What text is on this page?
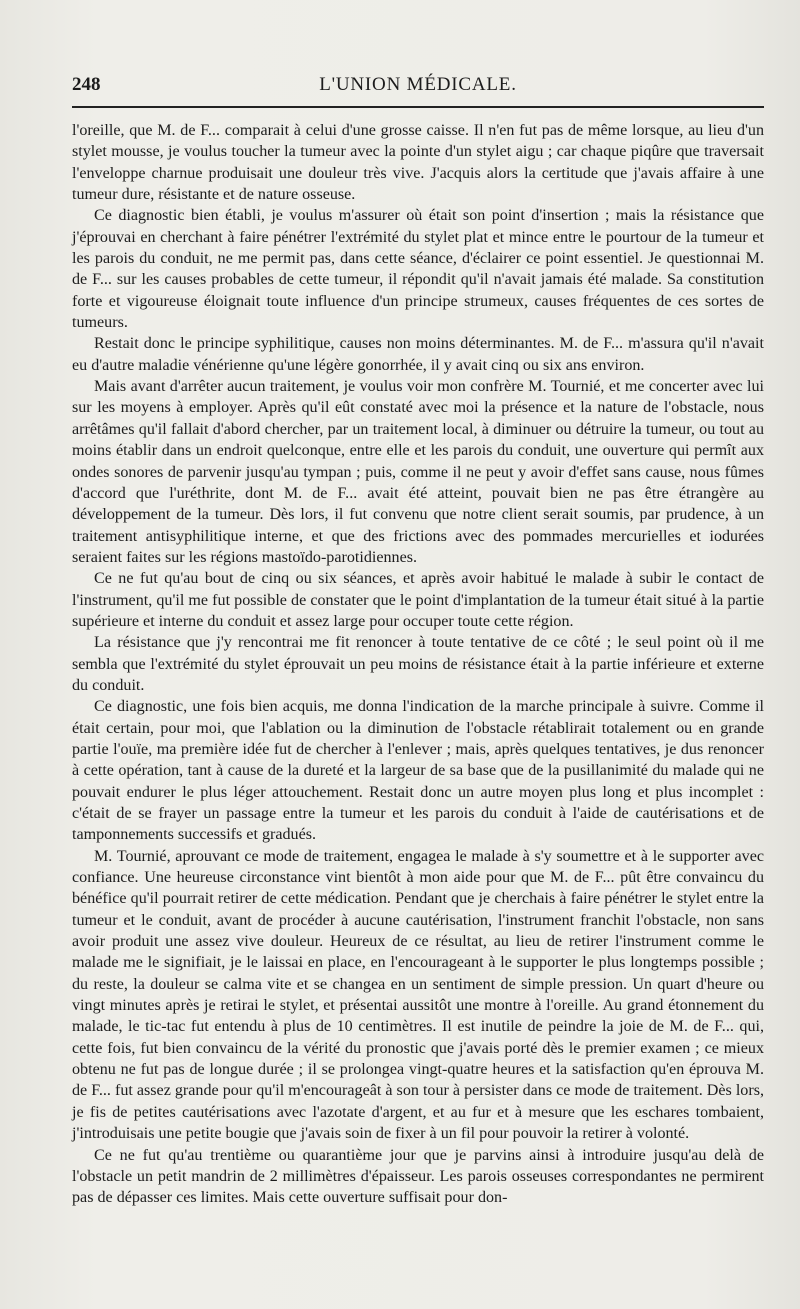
248	L'UNION MÉDICALE.

l'oreille, que M. de F... comparait à celui d'une grosse caisse. Il n'en fut pas de même lorsque, au lieu d'un stylet mousse, je voulus toucher la tumeur avec la pointe d'un stylet aigu ; car chaque piqûre que traversait l'enveloppe charnue produisait une douleur très vive. J'acquis alors la certitude que j'avais affaire à une tumeur dure, résistante et de nature osseuse.

Ce diagnostic bien établi, je voulus m'assurer où était son point d'insertion ; mais la résistance que j'éprouvai en cherchant à faire pénétrer l'extrémité du stylet plat et mince entre le pourtour de la tumeur et les parois du conduit, ne me permit pas, dans cette séance, d'éclairer ce point essentiel. Je questionnai M. de F... sur les causes probables de cette tumeur, il répondit qu'il n'avait jamais été malade. Sa constitution forte et vigoureuse éloignait toute influence d'un principe strumeux, causes fréquentes de ces sortes de tumeurs.

Restait donc le principe syphilitique, causes non moins déterminantes. M. de F... m'assura qu'il n'avait eu d'autre maladie vénérienne qu'une légère gonorrhée, il y avait cinq ou six ans environ.

Mais avant d'arrêter aucun traitement, je voulus voir mon confrère M. Tournié, et me concerter avec lui sur les moyens à employer. Après qu'il eût constaté avec moi la présence et la nature de l'obstacle, nous arrêtâmes qu'il fallait d'abord chercher, par un traitement local, à diminuer ou détruire la tumeur, ou tout au moins établir dans un endroit quelconque, entre elle et les parois du conduit, une ouverture qui permît aux ondes sonores de parvenir jusqu'au tympan ; puis, comme il ne peut y avoir d'effet sans cause, nous fûmes d'accord que l'uréthrite, dont M. de F... avait été atteint, pouvait bien ne pas être étrangère au développement de la tumeur. Dès lors, il fut convenu que notre client serait soumis, par prudence, à un traitement antisyphilitique interne, et que des frictions avec des pommades mercurielles et iodurées seraient faites sur les régions mastoïdo-parotidiennes.

Ce ne fut qu'au bout de cinq ou six séances, et après avoir habitué le malade à subir le contact de l'instrument, qu'il me fut possible de constater que le point d'implantation de la tumeur était situé à la partie supérieure et interne du conduit et assez large pour occuper toute cette région.

La résistance que j'y rencontrai me fit renoncer à toute tentative de ce côté ; le seul point où il me sembla que l'extrémité du stylet éprouvait un peu moins de résistance était à la partie inférieure et externe du conduit.

Ce diagnostic, une fois bien acquis, me donna l'indication de la marche principale à suivre. Comme il était certain, pour moi, que l'ablation ou la diminution de l'obstacle rétablirait totalement ou en grande partie l'ouïe, ma première idée fut de chercher à l'enlever ; mais, après quelques tentatives, je dus renoncer à cette opération, tant à cause de la dureté et la largeur de sa base que de la pusillanimité du malade qui ne pouvait endurer le plus léger attouchement. Restait donc un autre moyen plus long et plus incomplet : c'était de se frayer un passage entre la tumeur et les parois du conduit à l'aide de cautérisations et de tamponnements successifs et gradués.

M. Tournié, aprouvant ce mode de traitement, engagea le malade à s'y soumettre et à le supporter avec confiance. Une heureuse circonstance vint bientôt à mon aide pour que M. de F... pût être convaincu du bénéfice qu'il pourrait retirer de cette médication. Pendant que je cherchais à faire pénétrer le stylet entre la tumeur et le conduit, avant de procéder à aucune cautérisation, l'instrument franchit l'obstacle, non sans avoir produit une assez vive douleur. Heureux de ce résultat, au lieu de retirer l'instrument comme le malade me le signifiait, je le laissai en place, en l'encourageant à le supporter le plus longtemps possible ; du reste, la douleur se calma vite et se changea en un sentiment de simple pression. Un quart d'heure ou vingt minutes après je retirai le stylet, et présentai aussitôt une montre à l'oreille. Au grand étonnement du malade, le tic-tac fut entendu à plus de 10 centimètres. Il est inutile de peindre la joie de M. de F... qui, cette fois, fut bien convaincu de la vérité du pronostic que j'avais porté dès le premier examen ; ce mieux obtenu ne fut pas de longue durée ; il se prolongea vingt-quatre heures et la satisfaction qu'en éprouva M. de F... fut assez grande pour qu'il m'encourageât à son tour à persister dans ce mode de traitement. Dès lors, je fis de petites cautérisations avec l'azotate d'argent, et au fur et à mesure que les eschares tombaient, j'introduisais une petite bougie que j'avais soin de fixer à un fil pour pouvoir la retirer à volonté.

Ce ne fut qu'au trentième ou quarantième jour que je parvins ainsi à introduire jusqu'au delà de l'obstacle un petit mandrin de 2 millimètres d'épaisseur. Les parois osseuses correspondantes ne permirent pas de dépasser ces limites. Mais cette ouverture suffisait pour don-
